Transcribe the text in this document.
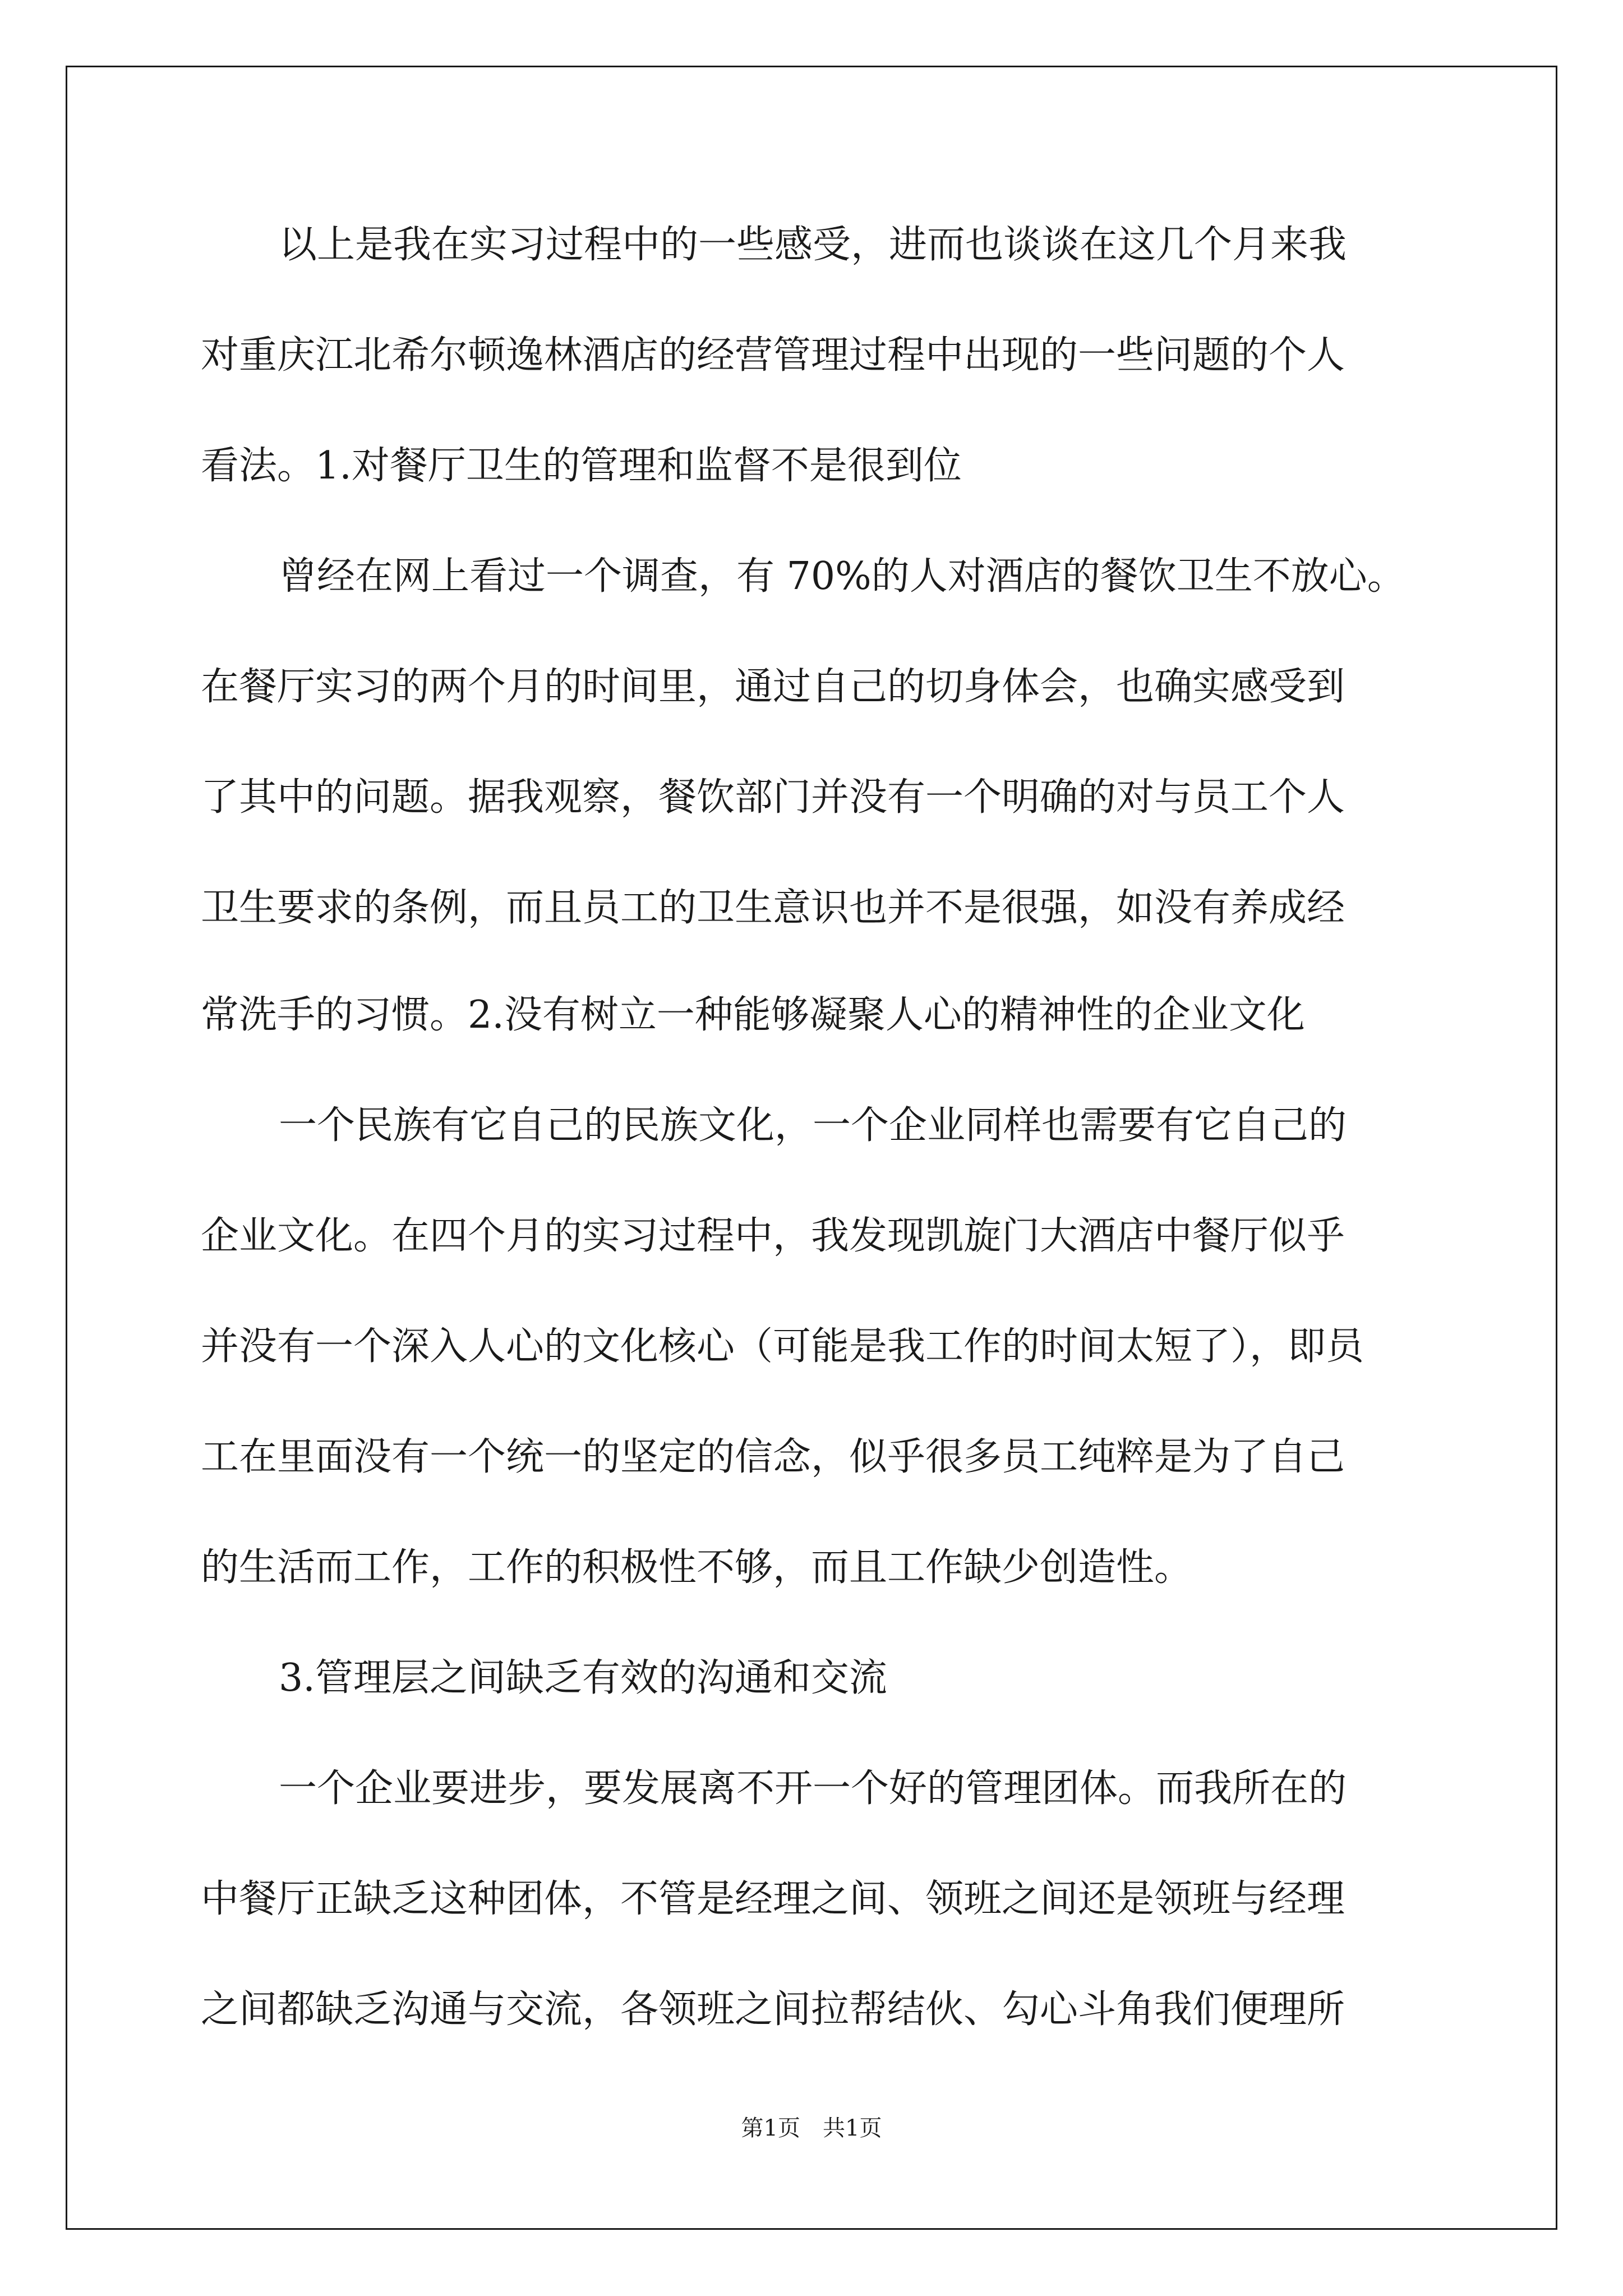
以上是我在实习过程中的一些感受，进而也谈谈在这几个月来我
对重庆江北希尔顿逸林酒店的经营管理过程中出现的一些问题的个人
看法。1.对餐厅卫生的管理和监督不是很到位
曾经在网上看过一个调查，有 70%的人对酒店的餐饮卫生不放心。
在餐厅实习的两个月的时间里，通过自己的切身体会，也确实感受到
了其中的问题。据我观察，餐饮部门并没有一个明确的对与员工个人
卫生要求的条例，而且员工的卫生意识也并不是很强，如没有养成经
常洗手的习惯。2.没有树立一种能够凝聚人心的精神性的企业文化
一个民族有它自己的民族文化，一个企业同样也需要有它自己的
企业文化。在四个月的实习过程中，我发现凯旋门大酒店中餐厅似乎
并没有一个深入人心的文化核心（可能是我工作的时间太短了），即员
工在里面没有一个统一的坚定的信念，似乎很多员工纯粹是为了自己
的生活而工作，工作的积极性不够，而且工作缺少创造性。
3.管理层之间缺乏有效的沟通和交流
一个企业要进步，要发展离不开一个好的管理团体。而我所在的
中餐厅正缺乏这种团体，不管是经理之间、领班之间还是领班与经理
之间都缺乏沟通与交流，各领班之间拉帮结伙、勾心斗角我们便理所
第1页　共1页
